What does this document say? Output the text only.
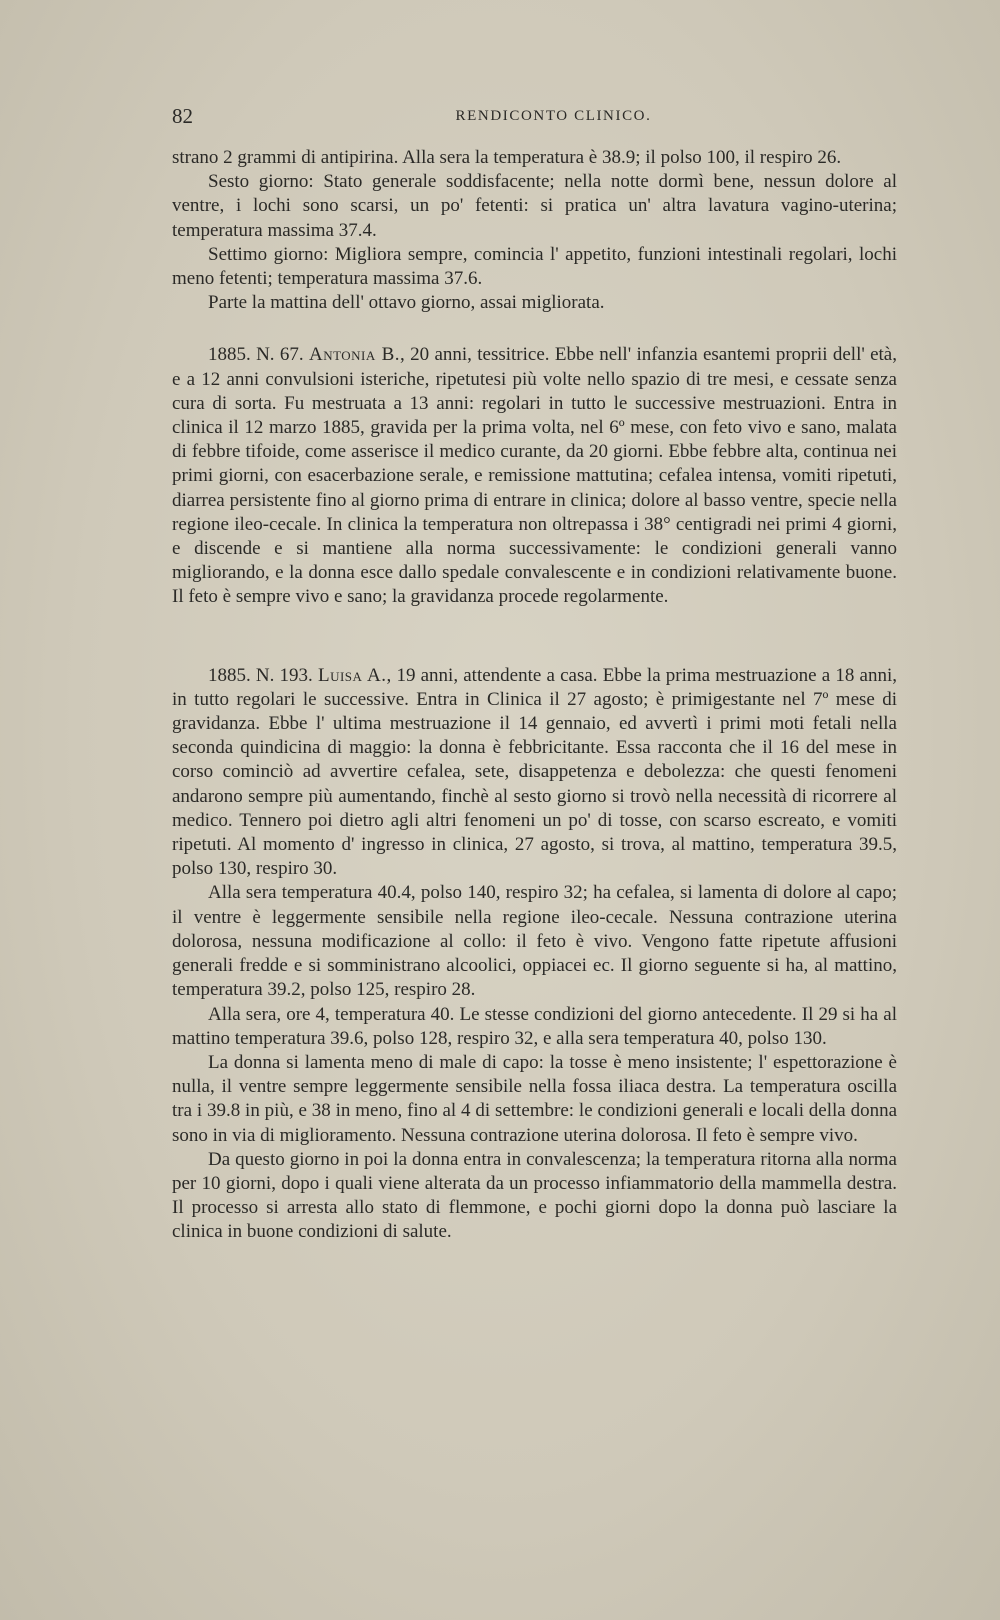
82	RENDICONTO CLINICO.

strano 2 grammi di antipirina. Alla sera la temperatura è 38.9; il polso 100, il respiro 26.

Sesto giorno: Stato generale soddisfacente; nella notte dormì bene, nessun dolore al ventre, i lochi sono scarsi, un po' fetenti: si pratica un' altra lavatura vagino-uterina; temperatura massima 37.4.

Settimo giorno: Migliora sempre, comincia l' appetito, funzioni intestinali regolari, lochi meno fetenti; temperatura massima 37.6.

Parte la mattina dell' ottavo giorno, assai migliorata.

1885. N. 67. Antonia B., 20 anni, tessitrice. Ebbe nell' infanzia esantemi proprii dell' età, e a 12 anni convulsioni isteriche, ripetutesi più volte nello spazio di tre mesi, e cessate senza cura di sorta. Fu mestruata a 13 anni: regolari in tutto le successive mestruazioni. Entra in clinica il 12 marzo 1885, gravida per la prima volta, nel 6º mese, con feto vivo e sano, malata di febbre tifoide, come asserisce il medico curante, da 20 giorni. Ebbe febbre alta, continua nei primi giorni, con esacerbazione serale, e remissione mattutina; cefalea intensa, vomiti ripetuti, diarrea persistente fino al giorno prima di entrare in clinica; dolore al basso ventre, specie nella regione ileo-cecale. In clinica la temperatura non oltrepassa i 38° centigradi nei primi 4 giorni, e discende e si mantiene alla norma successivamente: le condizioni generali vanno migliorando, e la donna esce dallo spedale convalescente e in condizioni relativamente buone. Il feto è sempre vivo e sano; la gravidanza procede regolarmente.

1885. N. 193. Luisa A., 19 anni, attendente a casa. Ebbe la prima mestruazione a 18 anni, in tutto regolari le successive. Entra in Clinica il 27 agosto; è primigestante nel 7º mese di gravidanza. Ebbe l' ultima mestruazione il 14 gennaio, ed avvertì i primi moti fetali nella seconda quindicina di maggio: la donna è febbricitante. Essa racconta che il 16 del mese in corso cominciò ad avvertire cefalea, sete, disappetenza e debolezza: che questi fenomeni andarono sempre più aumentando, finchè al sesto giorno si trovò nella necessità di ricorrere al medico. Tennero poi dietro agli altri fenomeni un po' di tosse, con scarso escreato, e vomiti ripetuti. Al momento d' ingresso in clinica, 27 agosto, si trova, al mattino, temperatura 39.5, polso 130, respiro 30.

Alla sera temperatura 40.4, polso 140, respiro 32; ha cefalea, si lamenta di dolore al capo; il ventre è leggermente sensibile nella regione ileo-cecale. Nessuna contrazione uterina dolorosa, nessuna modificazione al collo: il feto è vivo. Vengono fatte ripetute affusioni generali fredde e si somministrano alcoolici, oppiacei ec. Il giorno seguente si ha, al mattino, temperatura 39.2, polso 125, respiro 28.

Alla sera, ore 4, temperatura 40. Le stesse condizioni del giorno antecedente. Il 29 si ha al mattino temperatura 39.6, polso 128, respiro 32, e alla sera temperatura 40, polso 130.

La donna si lamenta meno di male di capo: la tosse è meno insistente; l' espettorazione è nulla, il ventre sempre leggermente sensibile nella fossa iliaca destra. La temperatura oscilla tra i 39.8 in più, e 38 in meno, fino al 4 di settembre: le condizioni generali e locali della donna sono in via di miglioramento. Nessuna contrazione uterina dolorosa. Il feto è sempre vivo.

Da questo giorno in poi la donna entra in convalescenza; la temperatura ritorna alla norma per 10 giorni, dopo i quali viene alterata da un processo infiammatorio della mammella destra. Il processo si arresta allo stato di flemmone, e pochi giorni dopo la donna può lasciare la clinica in buone condizioni di salute.
